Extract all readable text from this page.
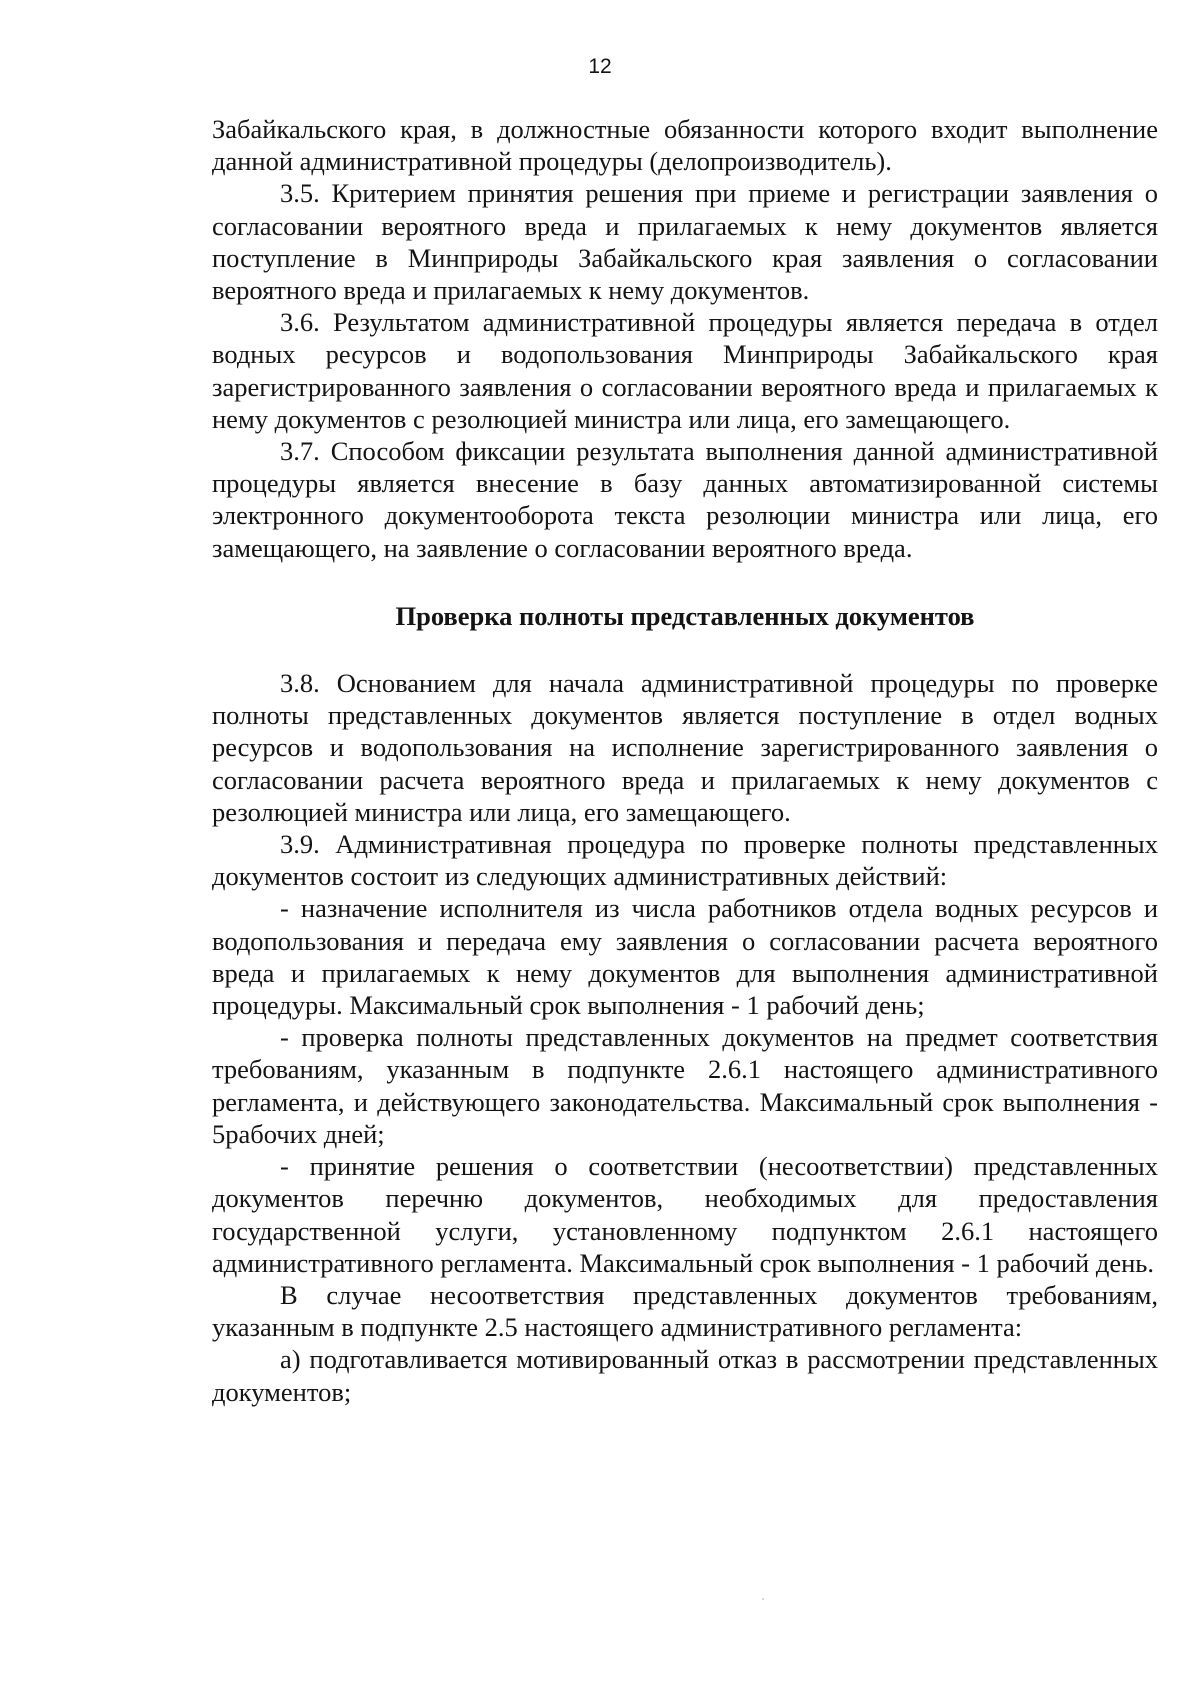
12

Забайкальского края, в должностные обязанности которого входит выполнение данной административной процедуры (делопроизводитель).

3.5. Критерием принятия решения при приеме и регистрации заявления о согласовании вероятного вреда и прилагаемых к нему документов является поступление в Минприроды Забайкальского края заявления о согласовании вероятного вреда и прилагаемых к нему документов.

3.6. Результатом административной процедуры является передача в отдел водных ресурсов и водопользования Минприроды Забайкальского края зарегистрированного заявления о согласовании вероятного вреда и прилагаемых к нему документов с резолюцией министра или лица, его замещающего.

3.7. Способом фиксации результата выполнения данной административной процедуры является внесение в базу данных автоматизированной системы электронного документооборота текста резолюции министра или лица, его замещающего, на заявление о согласовании вероятного вреда.

Проверка полноты представленных документов

3.8. Основанием для начала административной процедуры по проверке полноты представленных документов является поступление в отдел водных ресурсов и водопользования на исполнение зарегистрированного заявления о согласовании расчета вероятного вреда и прилагаемых к нему документов с резолюцией министра или лица, его замещающего.

3.9. Административная процедура по проверке полноты представленных документов состоит из следующих административных действий:

- назначение исполнителя из числа работников отдела водных ресурсов и водопользования и передача ему заявления о согласовании расчета вероятного вреда и прилагаемых к нему документов для выполнения административной процедуры. Максимальный срок выполнения - 1 рабочий день;

- проверка полноты представленных документов на предмет соответствия требованиям, указанным в подпункте 2.6.1 настоящего административного регламента, и действующего законодательства. Максимальный срок выполнения - 5рабочих дней;

- принятие решения о соответствии (несоответствии) представленных документов перечню документов, необходимых для предоставления государственной услуги, установленному подпунктом 2.6.1 настоящего административного регламента. Максимальный срок выполнения - 1 рабочий день.

В случае несоответствия представленных документов требованиям, указанным в подпункте 2.5 настоящего административного регламента:

а) подготавливается мотивированный отказ в рассмотрении представленных документов;
